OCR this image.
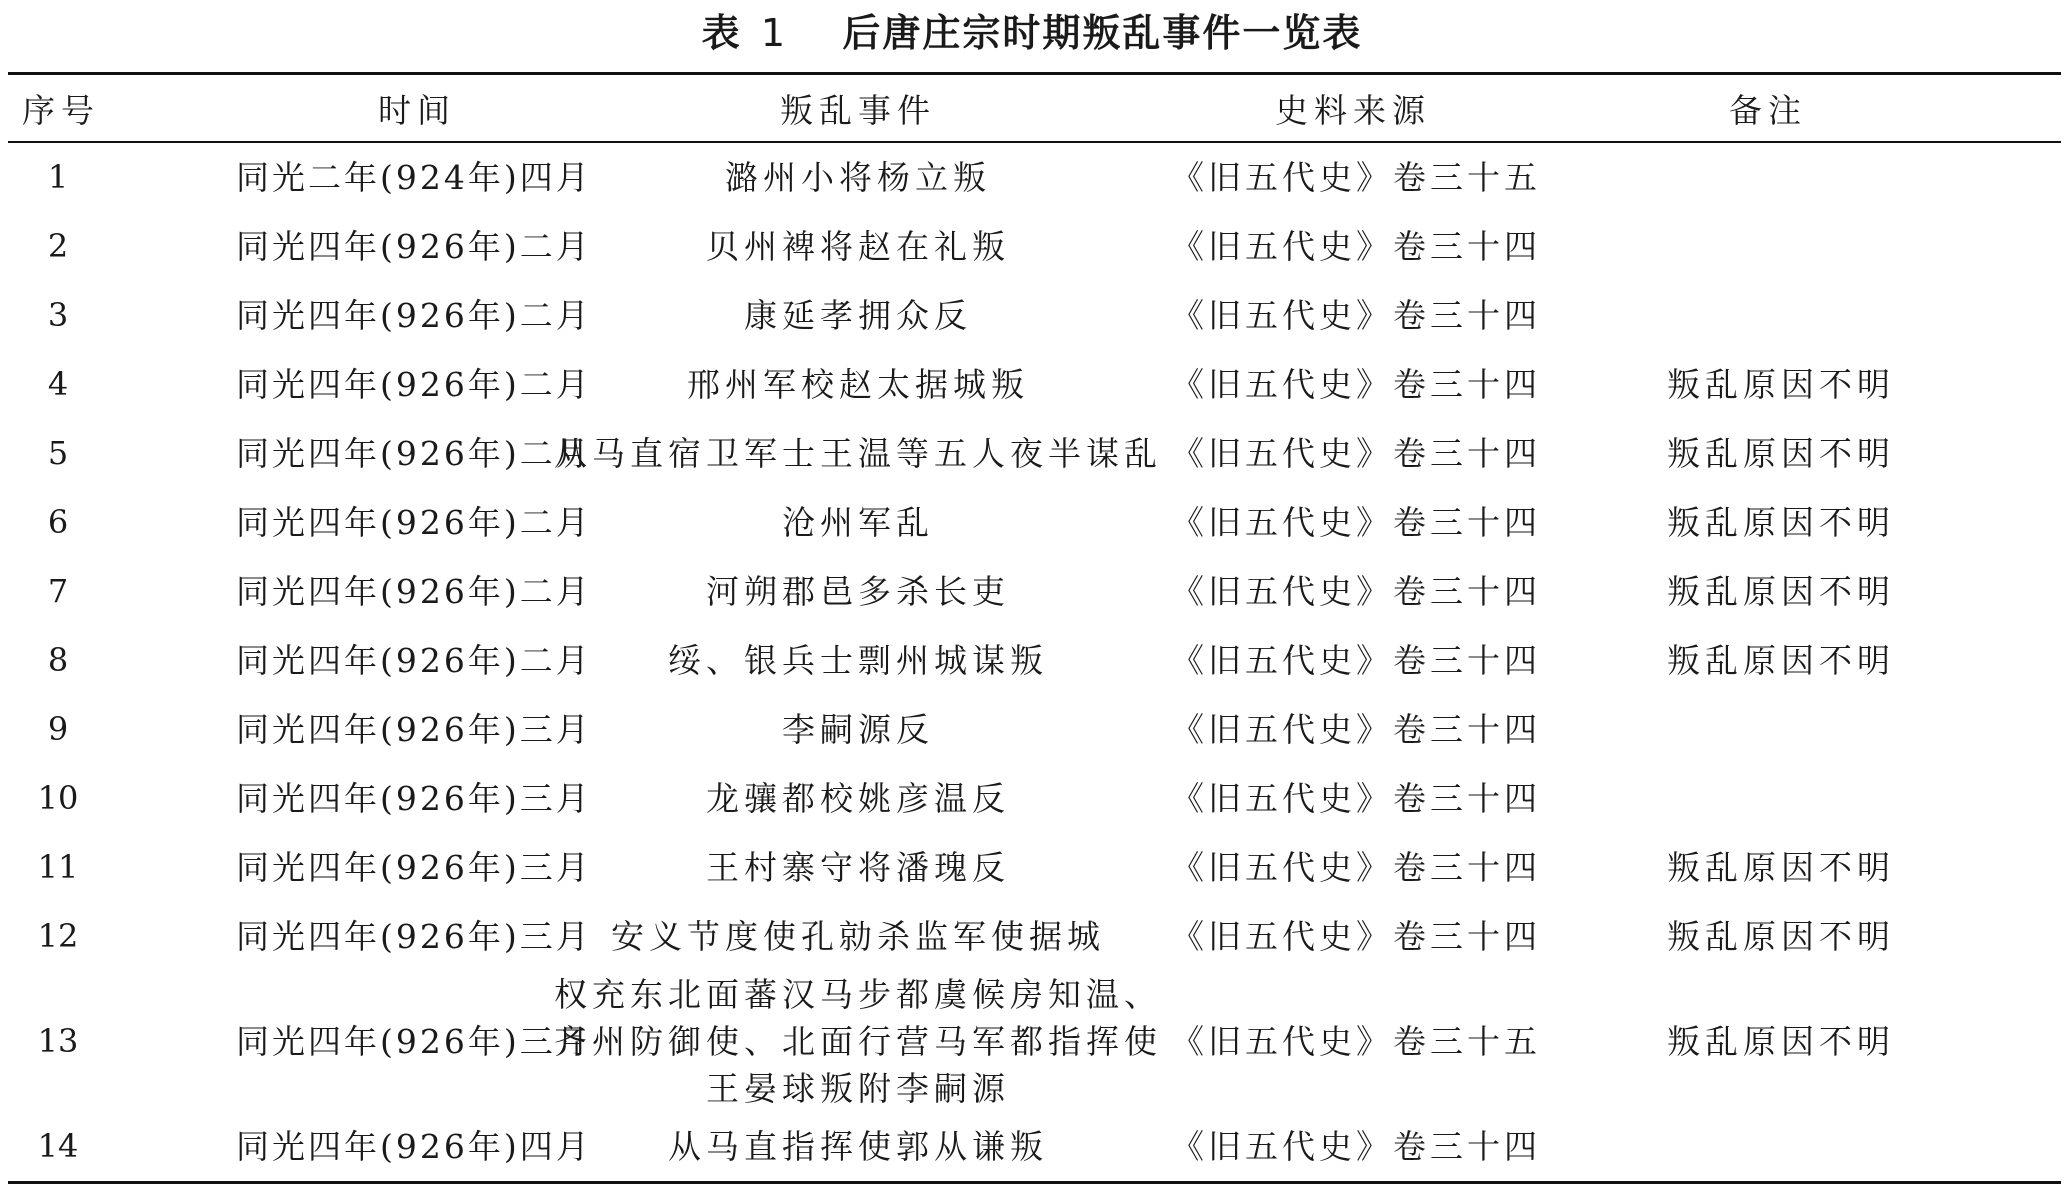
表 1 后唐庄宗时期叛乱事件一览表
序号	时间	叛乱事件	史料来源	备注
1	同光二年(924年)四月	潞州小将杨立叛	《旧五代史》卷三十五	
2	同光四年(926年)二月	贝州裨将赵在礼叛	《旧五代史》卷三十四	
3	同光四年(926年)二月	康延孝拥众反	《旧五代史》卷三十四	
4	同光四年(926年)二月	邢州军校赵太据城叛	《旧五代史》卷三十四	叛乱原因不明
5	同光四年(926年)二月	从马直宿卫军士王温等五人夜半谋乱	《旧五代史》卷三十四	叛乱原因不明
6	同光四年(926年)二月	沧州军乱	《旧五代史》卷三十四	叛乱原因不明
7	同光四年(926年)二月	河朔郡邑多杀长吏	《旧五代史》卷三十四	叛乱原因不明
8	同光四年(926年)二月	绥、银兵士剽州城谋叛	《旧五代史》卷三十四	叛乱原因不明
9	同光四年(926年)三月	李嗣源反	《旧五代史》卷三十四	
10	同光四年(926年)三月	龙骧都校姚彦温反	《旧五代史》卷三十四	
11	同光四年(926年)三月	王村寨守将潘瑰反	《旧五代史》卷三十四	叛乱原因不明
12	同光四年(926年)三月	安义节度使孔勍杀监军使据城	《旧五代史》卷三十四	叛乱原因不明
13	同光四年(926年)三月	权充东北面蕃汉马步都虞候房知温、齐州防御使、北面行营马军都指挥使王晏球叛附李嗣源	《旧五代史》卷三十五	叛乱原因不明
14	同光四年(926年)四月	从马直指挥使郭从谦叛	《旧五代史》卷三十四	
